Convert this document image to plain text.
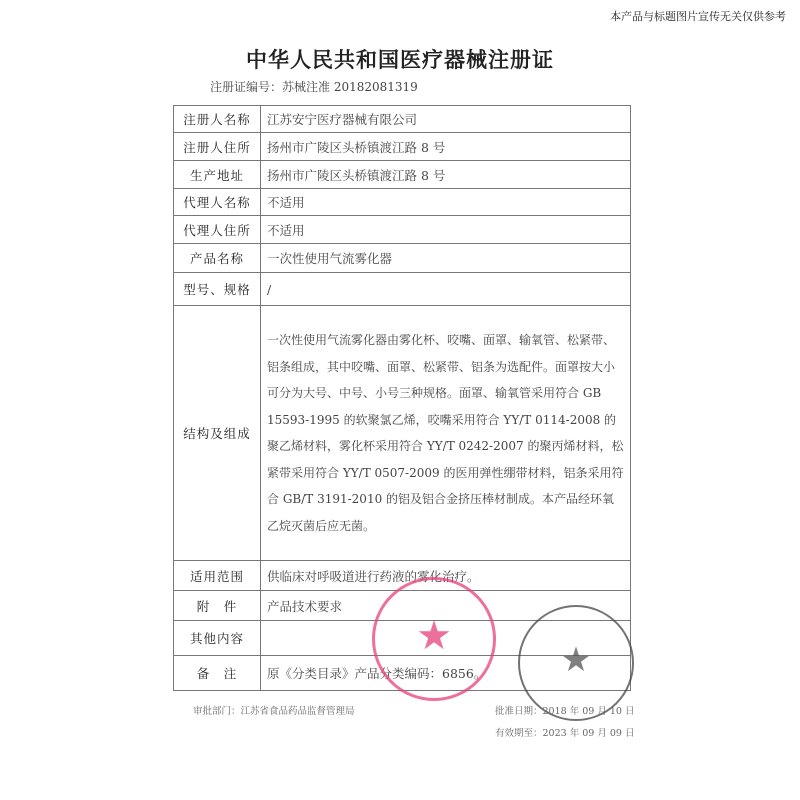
本产品与标题图片宣传无关仅供参考
中华人民共和国医疗器械注册证
注册证编号：苏械注准 20182081319
注册人名称	江苏安宁医疗器械有限公司
注册人住所	扬州市广陵区头桥镇渡江路 8 号
生产地址	扬州市广陵区头桥镇渡江路 8 号
代理人名称	不适用
代理人住所	不适用
产品名称	一次性使用气流雾化器
型号、规格	/
结构及组成	一次性使用气流雾化器由雾化杯、咬嘴、面罩、输氧管、松紧带、铝条组成，其中咬嘴、面罩、松紧带、铝条为选配件。面罩按大小可分为大号、中号、小号三种规格。面罩、输氧管采用符合 GB 15593-1995 的软聚氯乙烯，咬嘴采用符合 YY/T 0114-2008 的聚乙烯材料，雾化杯采用符合 YY/T 0242-2007 的聚丙烯材料，松紧带采用符合 YY/T 0507-2009 的医用弹性绷带材料，铝条采用符合 GB/T 3191-2010 的铝及铝合金挤压棒材制成。本产品经环氧乙烷灭菌后应无菌。
适用范围	供临床对呼吸道进行药液的雾化治疗。
附　件	产品技术要求
其他内容	
备　注	原《分类目录》产品分类编码：6856。
★
★
审批部门：江苏省食品药品监督管理局	批准日期：2018 年 09 月 10 日
有效期至：2023 年 09 月 09 日
